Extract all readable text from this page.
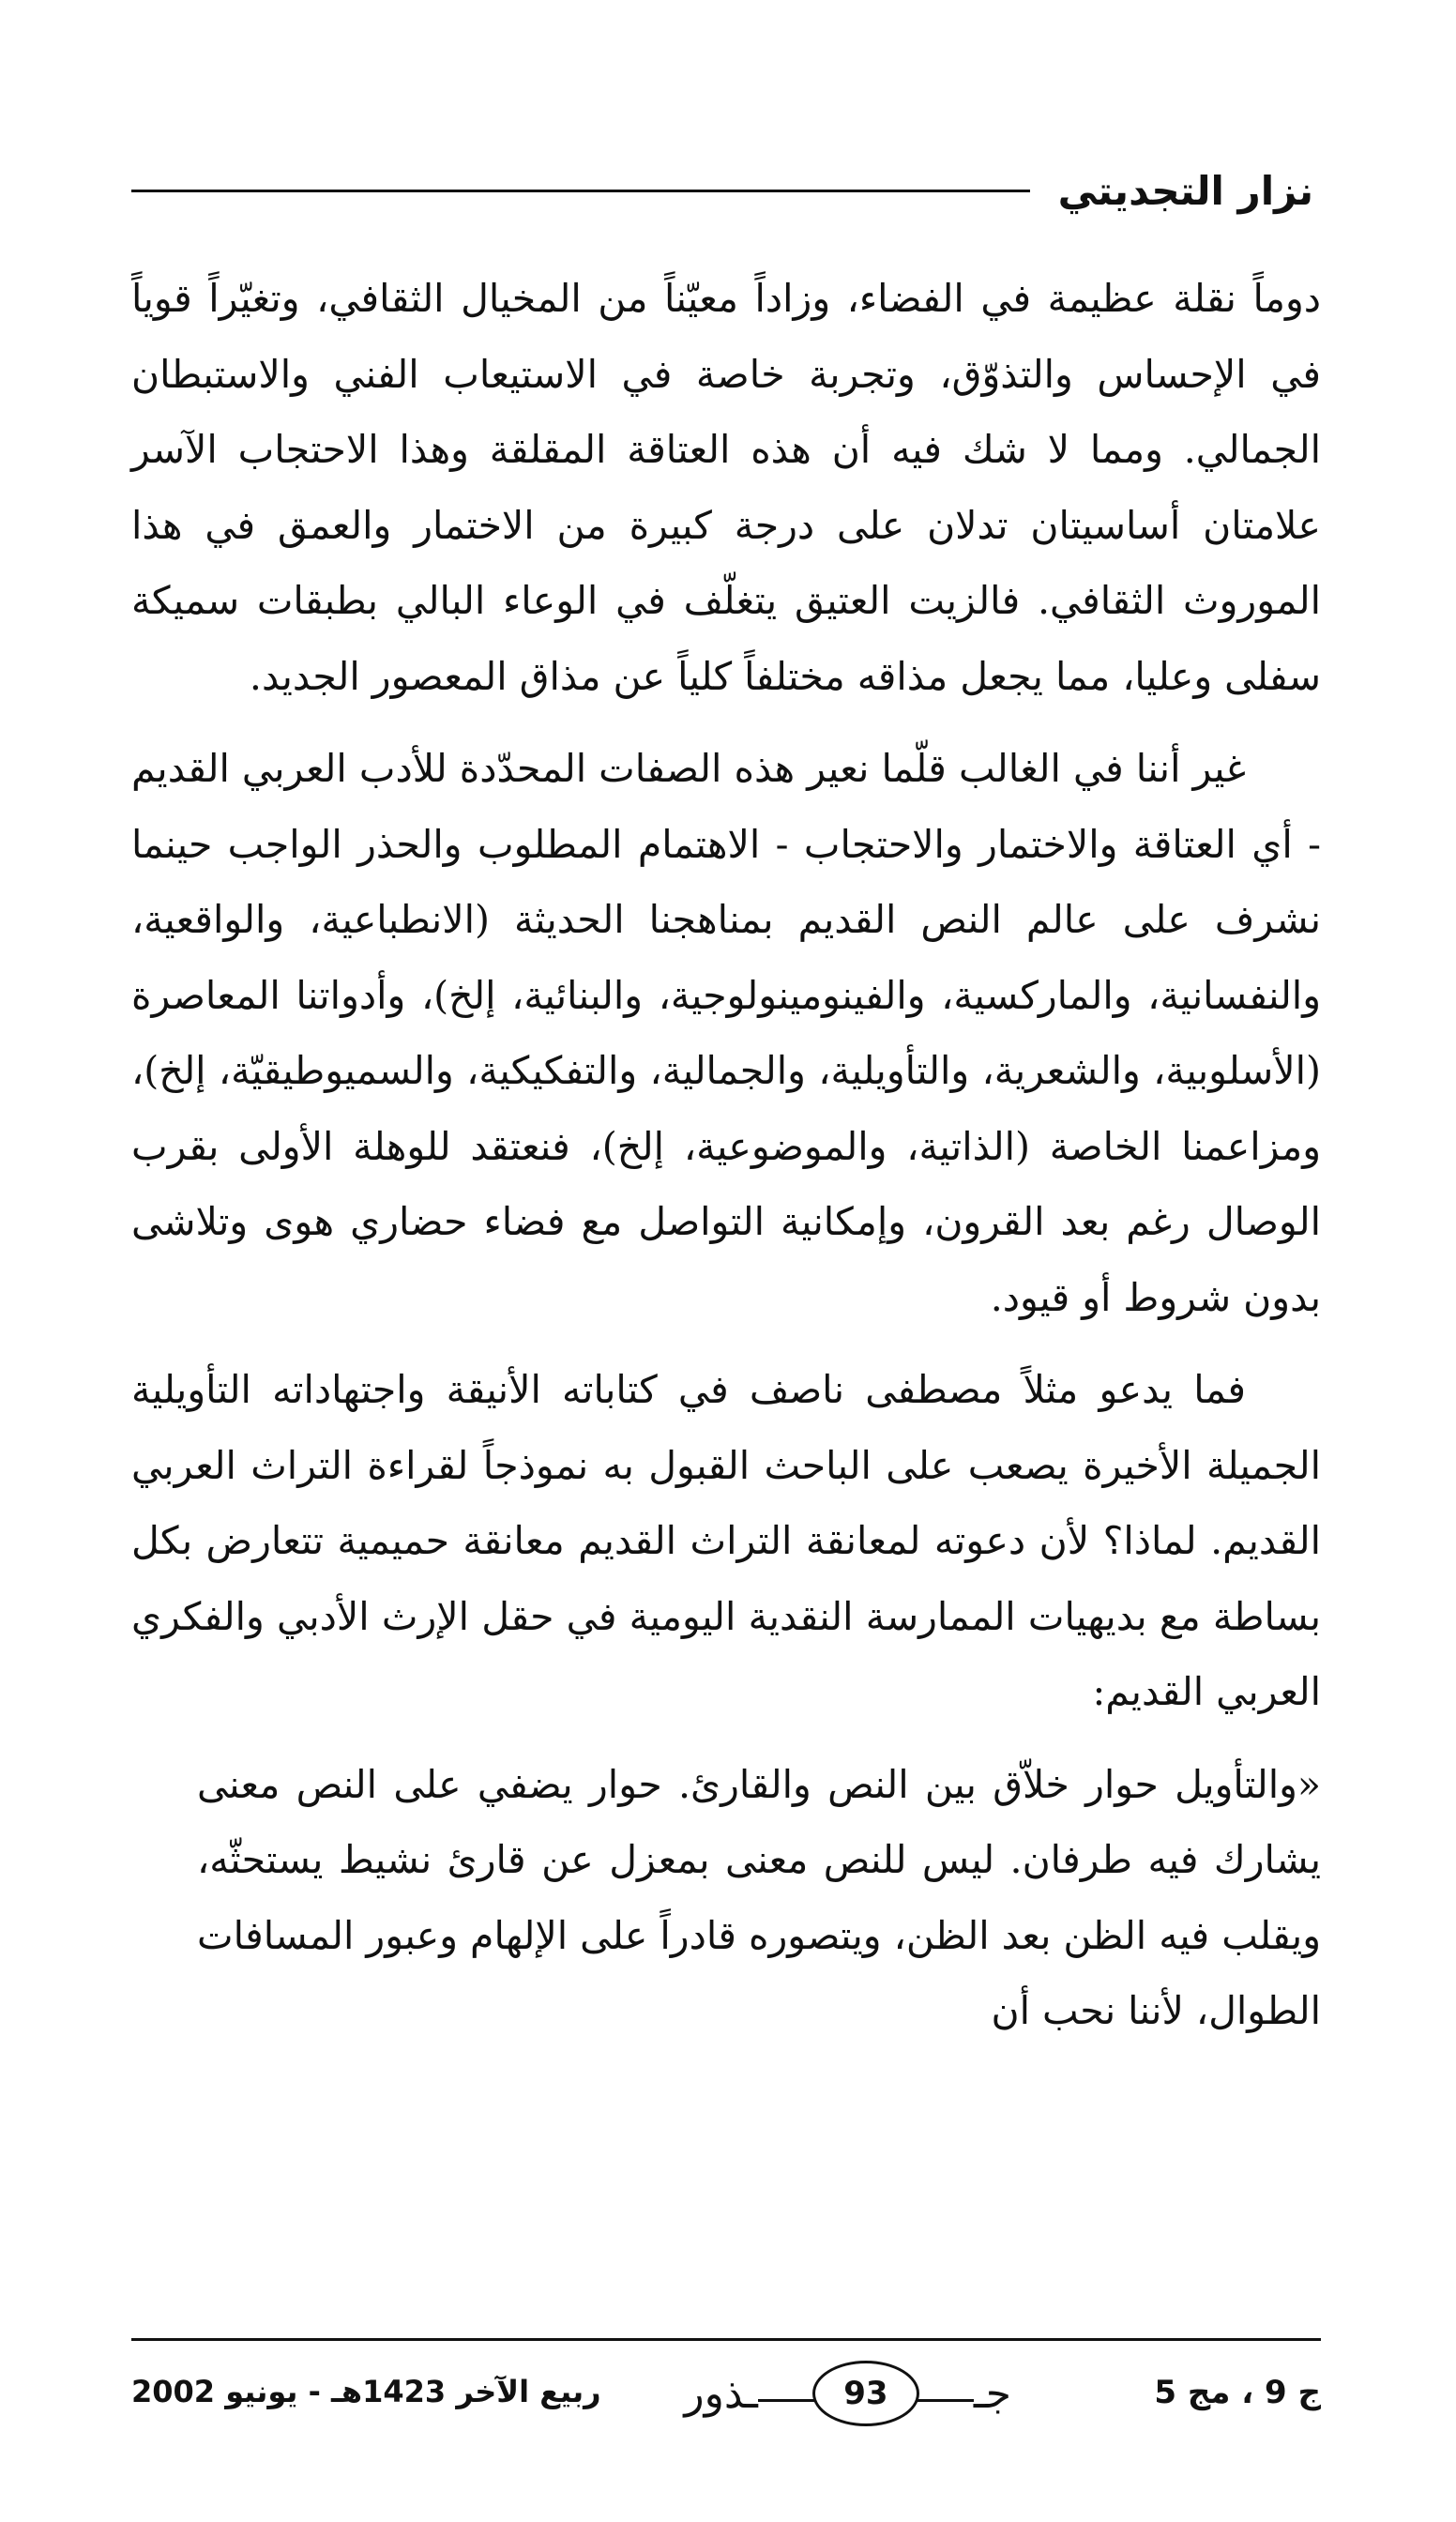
نزار التجديتي

دوماً نقلة عظيمة في الفضاء، وزاداً معيّناً من المخيال الثقافي، وتغيّراً قوياً في الإحساس والتذوّق، وتجربة خاصة في الاستيعاب الفني والاستبطان الجمالي. ومما لا شك فيه أن هذه العتاقة المقلقة وهذا الاحتجاب الآسر علامتان أساسيتان تدلان على درجة كبيرة من الاختمار والعمق في هذا الموروث الثقافي. فالزيت العتيق يتغلّف في الوعاء البالي بطبقات سميكة سفلى وعليا، مما يجعل مذاقه مختلفاً كلياً عن مذاق المعصور الجديد.

غير أننا في الغالب قلّما نعير هذه الصفات المحدّدة للأدب العربي القديم - أي العتاقة والاختمار والاحتجاب - الاهتمام المطلوب والحذر الواجب حينما نشرف على عالم النص القديم بمناهجنا الحديثة (الانطباعية، والواقعية، والنفسانية، والماركسية، والفينومينولوجية، والبنائية، إلخ)، وأدواتنا المعاصرة (الأسلوبية، والشعرية، والتأويلية، والجمالية، والتفكيكية، والسميوطيقيّة، إلخ)، ومزاعمنا الخاصة (الذاتية، والموضوعية، إلخ)، فنعتقد للوهلة الأولى بقرب الوصال رغم بعد القرون، وإمكانية التواصل مع فضاء حضاري هوى وتلاشى بدون شروط أو قيود.

فما يدعو مثلاً مصطفى ناصف في كتاباته الأنيقة واجتهاداته التأويلية الجميلة الأخيرة يصعب على الباحث القبول به نموذجاً لقراءة التراث العربي القديم. لماذا؟ لأن دعوته لمعانقة التراث القديم معانقة حميمية تتعارض بكل بساطة مع بديهيات الممارسة النقدية اليومية في حقل الإرث الأدبي والفكري العربي القديم:

«والتأويل حوار خلاّق بين النص والقارئ. حوار يضفي على النص معنى يشارك فيه طرفان. ليس للنص معنى بمعزل عن قارئ نشيط يستحثّه، ويقلب فيه الظن بعد الظن، ويتصوره قادراً على الإلهام وعبور المسافات الطوال، لأننا نحب أن

ج 9 ، مج 5
جـ
93
ـذور
ربيع الآخر 1423هـ - يونيو 2002
